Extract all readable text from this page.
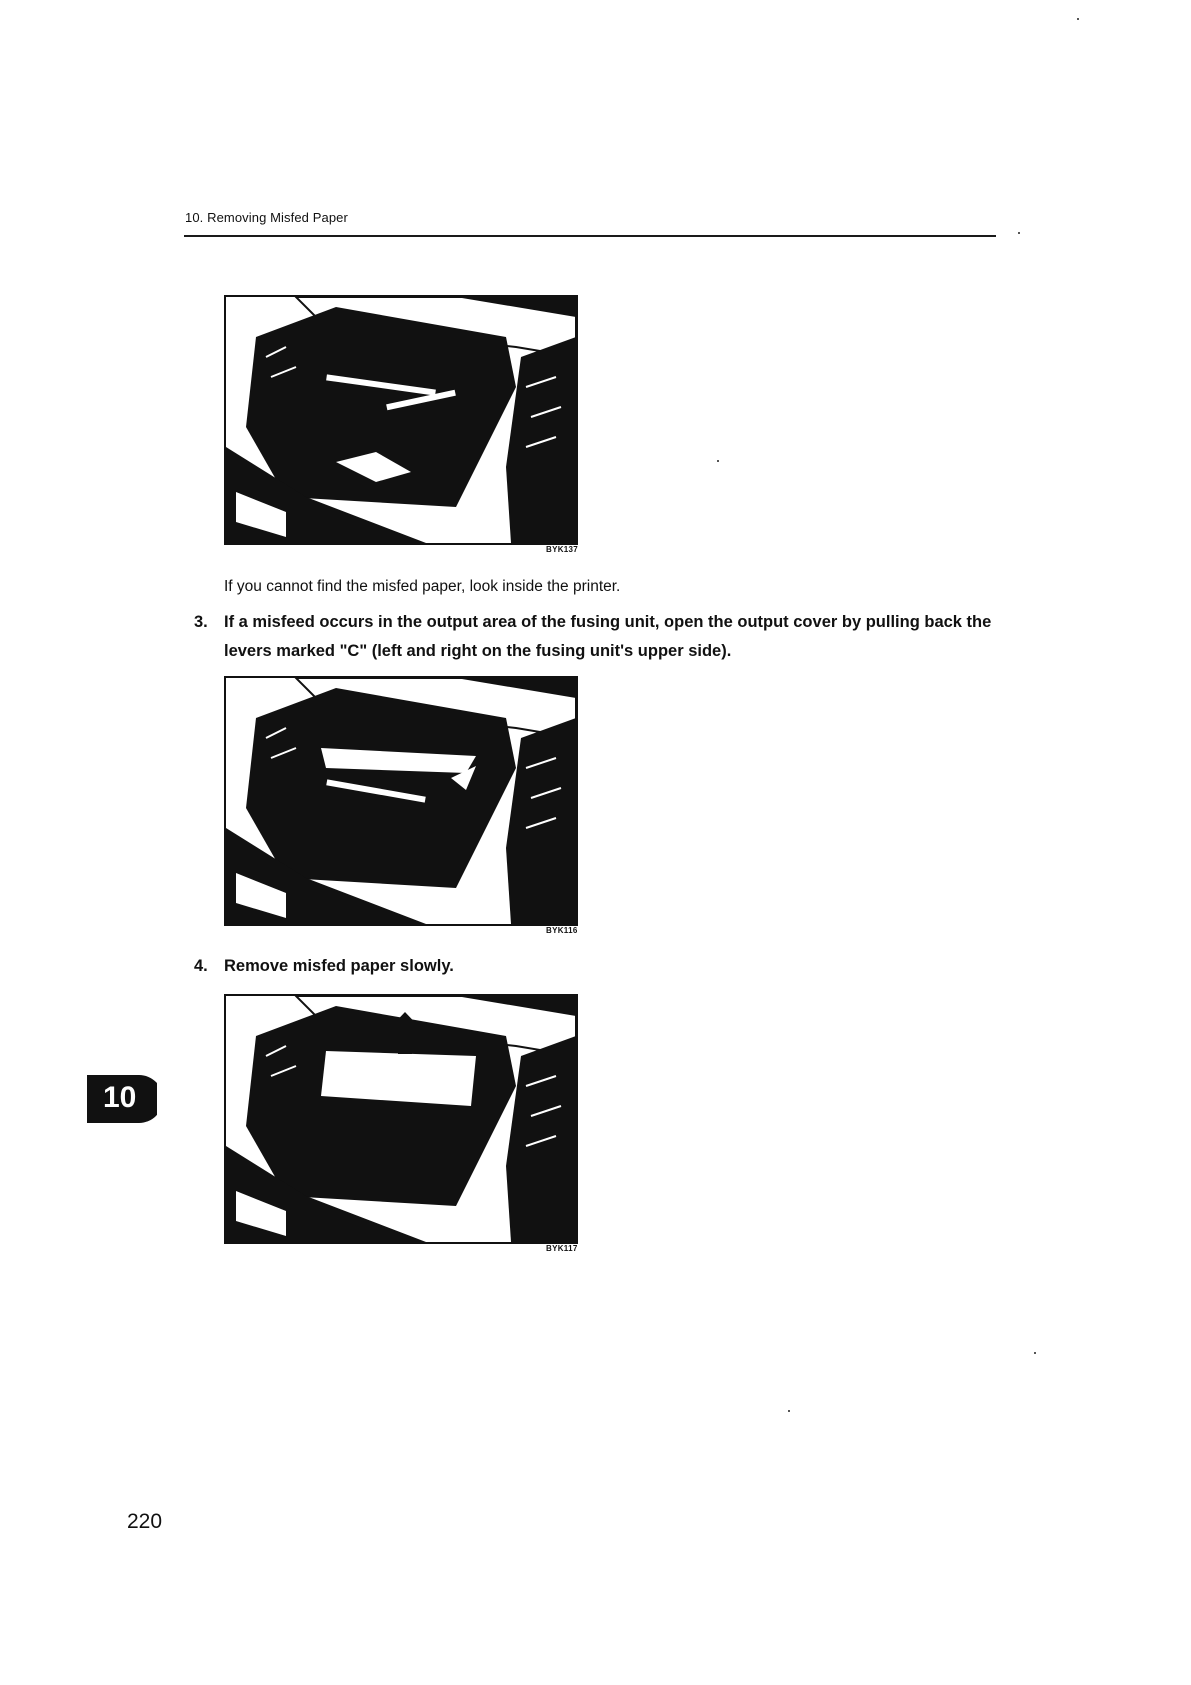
10. Removing Misfed Paper
BYK137
If you cannot find the misfed paper, look inside the printer.
3. If a misfeed occurs in the output area of the fusing unit, open the output cover by pulling back the levers marked "C" (left and right on the fusing unit's upper side).
BYK116
4. Remove misfed paper slowly.
BYK117
10
220
